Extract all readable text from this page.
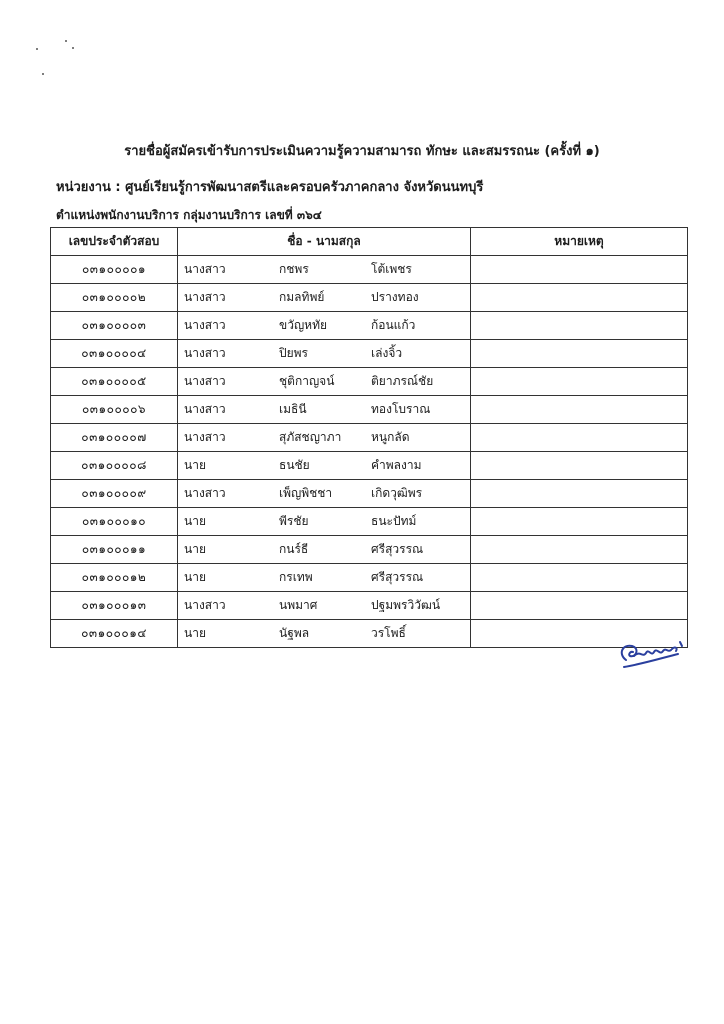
รายชื่อผู้สมัครเข้ารับการประเมินความรู้ความสามารถ ทักษะ และสมรรถนะ (ครั้งที่ ๑)
หน่วยงาน : ศูนย์เรียนรู้การพัฒนาสตรีและครอบครัวภาคกลาง จังหวัดนนทบุรี
ตำแหน่งพนักงานบริการ กลุ่มงานบริการ เลขที่ ๓๖๔
เลขประจำตัวสอบ	ชื่อ - นามสกุล	หมายเหตุ
๐๓๑๐๐๐๐๑	นางสาว กชพร โต้เพชร	

๐๓๑๐๐๐๐๒	นางสาว กมลทิพย์ ปรางทอง	

๐๓๑๐๐๐๐๓	นางสาว ขวัญหทัย ก้อนแก้ว	

๐๓๑๐๐๐๐๔	นางสาว ปิยพร เล่งจิ้ว	

๐๓๑๐๐๐๐๕	นางสาว ชุติกาญจน์ ติยาภรณ์ชัย	

๐๓๑๐๐๐๐๖	นางสาว เมธินี ทองโบราณ	

๐๓๑๐๐๐๐๗	นางสาว สุภัสชญาภา หนูกลัด	

๐๓๑๐๐๐๐๘	นาย ธนชัย คำพลงาม	

๐๓๑๐๐๐๐๙	นางสาว เพ็ญพิชชา เกิดวุฒิพร	

๐๓๑๐๐๐๑๐	นาย พีรชัย ธนะปัทม์	

๐๓๑๐๐๐๑๑	นาย กนร์ธี ศรีสุวรรณ	

๐๓๑๐๐๐๑๒	นาย กรเทพ ศรีสุวรรณ	

๐๓๑๐๐๐๑๓	นางสาว นพมาศ ปฐมพรวิวัฒน์	

๐๓๑๐๐๐๑๔	นาย นัฐพล วรโพธิ์	
